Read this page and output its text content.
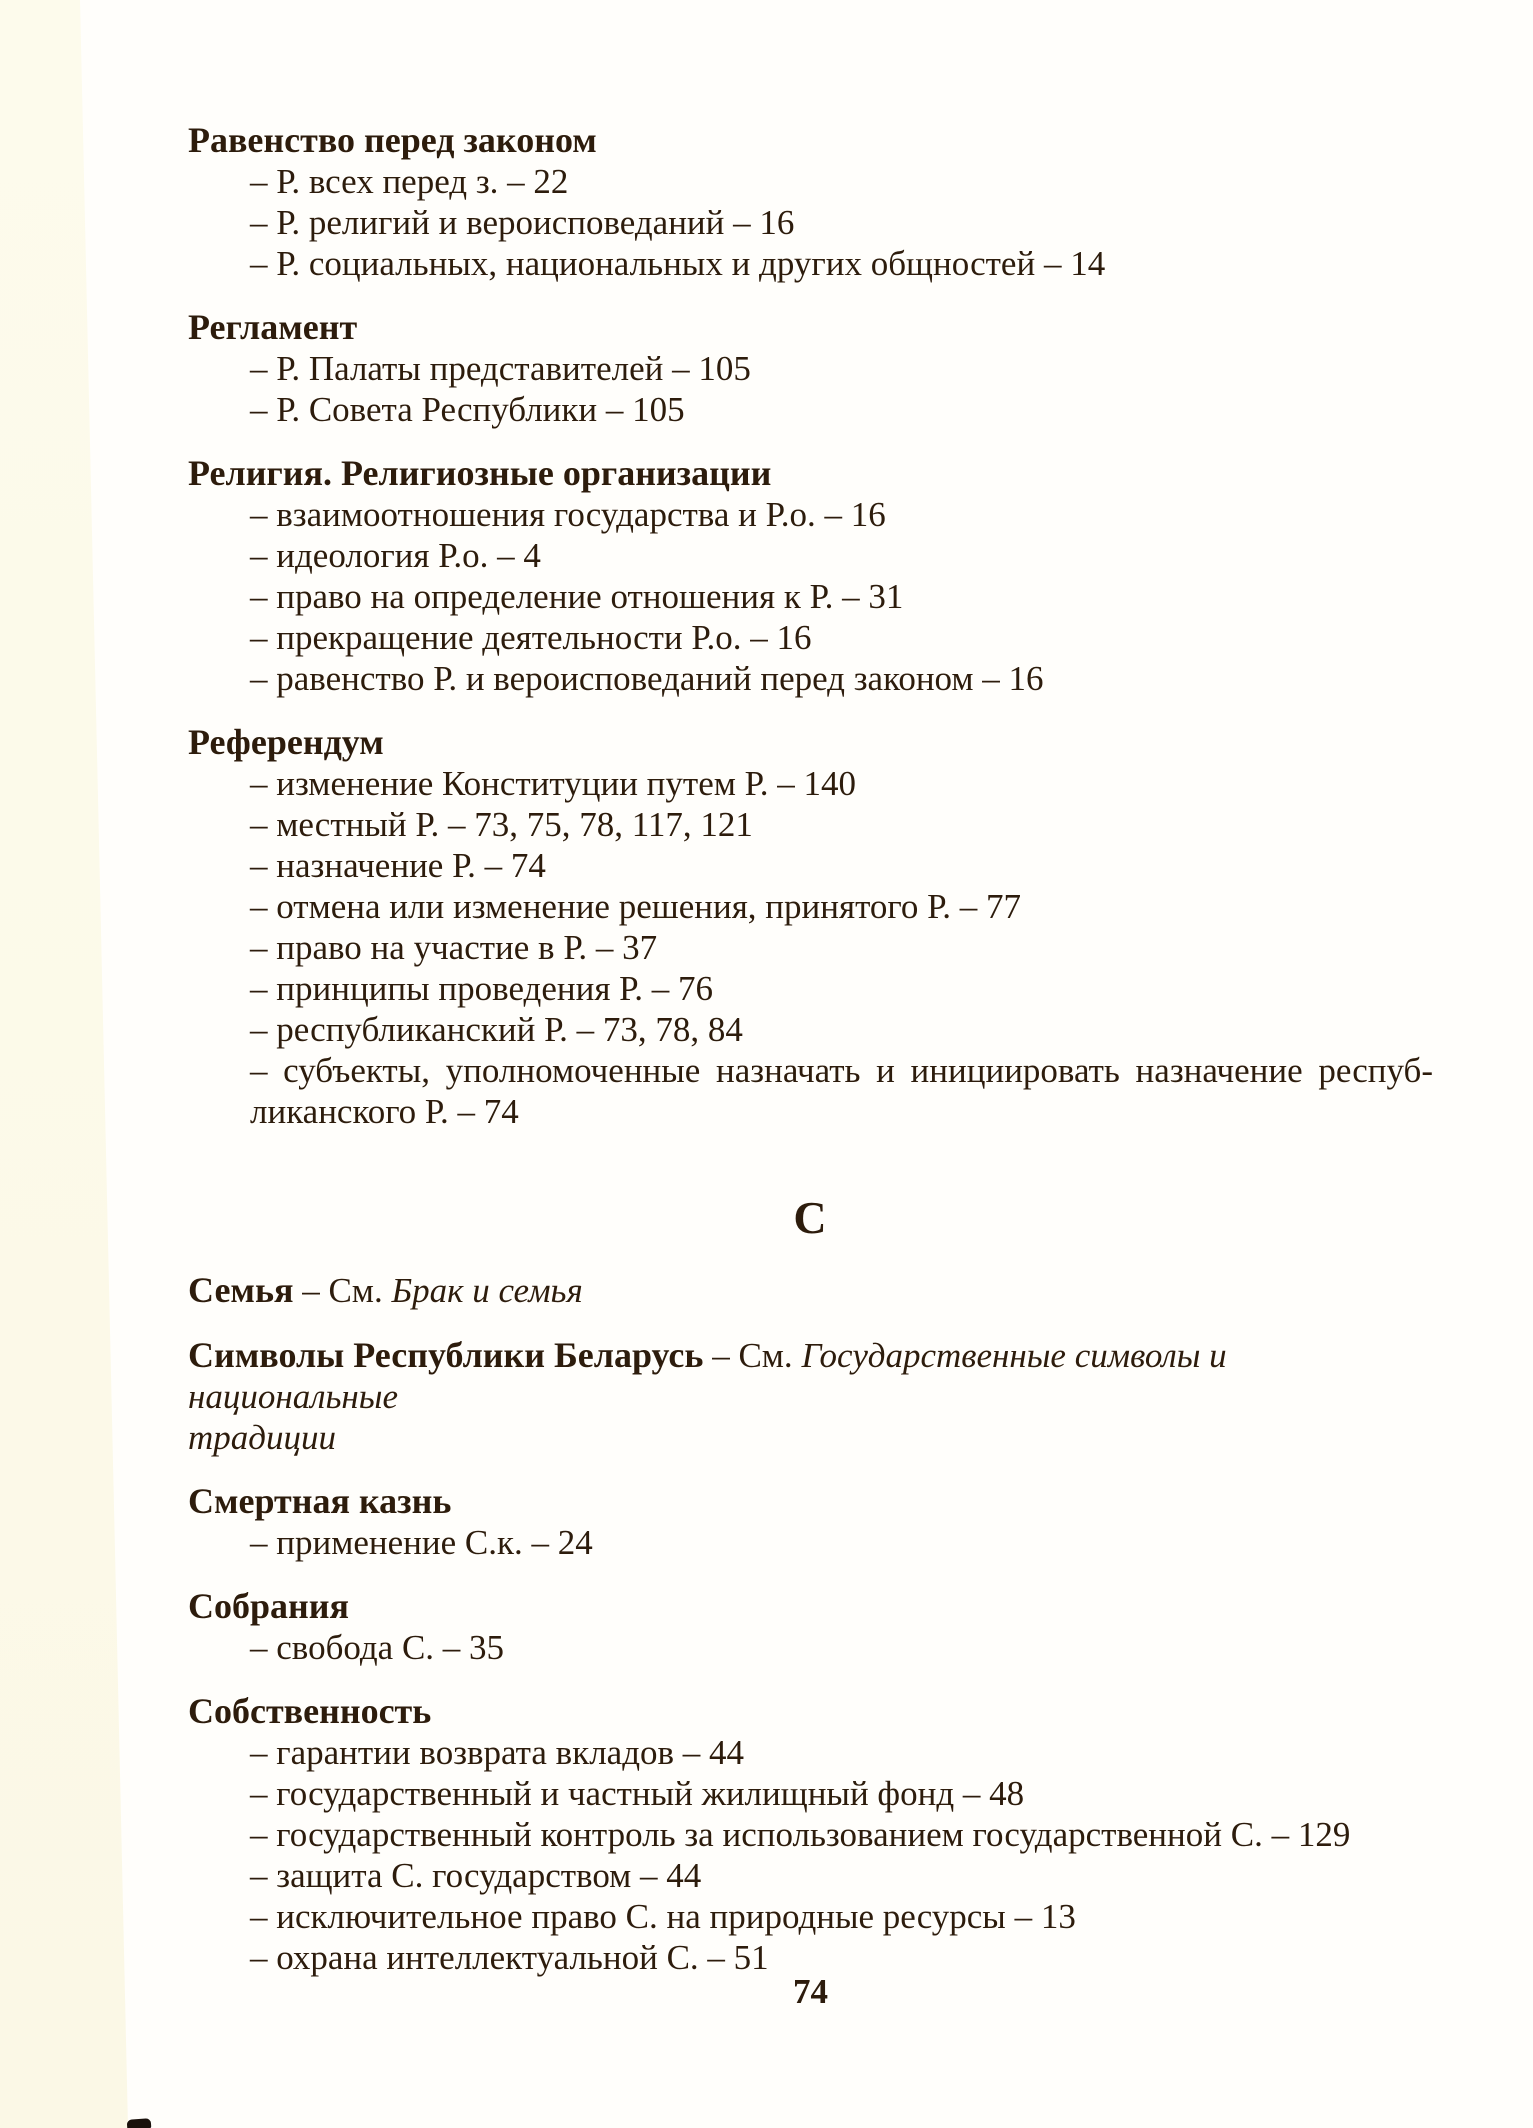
Равенство перед законом
– Р. всех перед з. – 22
– Р. религий и вероисповеданий – 16
– Р. социальных, национальных и других общностей – 14
Регламент
– Р. Палаты представителей – 105
– Р. Совета Республики – 105
Религия. Религиозные организации
– взаимоотношения государства и Р.о. – 16
– идеология Р.о. – 4
– право на определение отношения к Р. – 31
– прекращение деятельности Р.о. – 16
– равенство Р. и вероисповеданий перед законом – 16
Референдум
– изменение Конституции путем Р. – 140
– местный Р. – 73, 75, 78, 117, 121
– назначение Р. – 74
– отмена или изменение решения, принятого Р. – 77
– право на участие в Р. – 37
– принципы проведения Р. – 76
– республиканский Р. – 73, 78, 84
– субъекты, уполномоченные назначать и инициировать назначение респуб-
ликанского Р. – 74
С
Семья – См. Брак и семья
Символы Республики Беларусь – См. Государственные символы и национальные
традиции
Смертная казнь
– применение С.к. – 24
Собрания
– свобода С. – 35
Собственность
– гарантии возврата вкладов – 44
– государственный и частный жилищный фонд – 48
– государственный контроль за использованием государственной С. – 129
– защита С. государством – 44
– исключительное право С. на природные ресурсы – 13
– охрана интеллектуальной С. – 51
74
